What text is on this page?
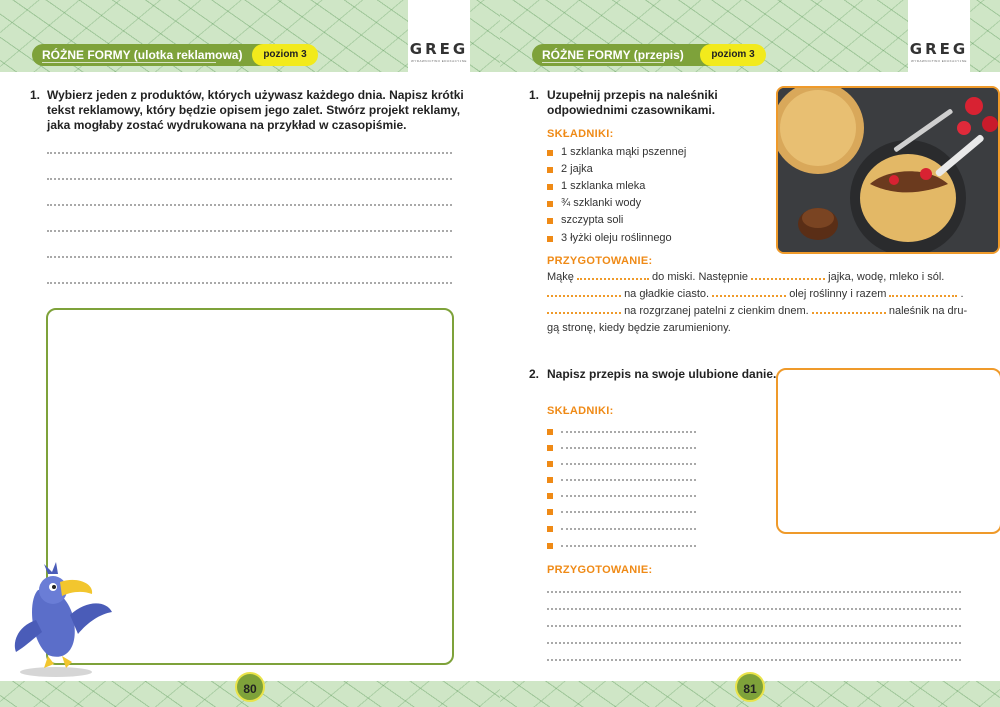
GREG
WYDAWNICTWO EDUKACYJNE
RÓŻNE FORMY (ulotka reklamowa)	poziom 3
1. Wybierz jeden z produktów, których używasz każdego dnia. Napisz krótki
tekst reklamowy, który będzie opisem jego zalet. Stwórz projekt reklamy,
jaka mogłaby zostać wydrukowana na przykład w czasopiśmie.
80
GREG
WYDAWNICTWO EDUKACYJNE
RÓŻNE FORMY (przepis)	poziom 3
1. Uzupełnij przepis na naleśniki
odpowiednimi czasownikami.
SKŁADNIKI:
1 szklanka mąki pszennej
2 jajka
1 szklanka mleka
¾ szklanki wody
szczypta soli
3 łyżki oleju roślinnego
PRZYGOTOWANIE:
Mąkę	do miski. Następnie	jajka, wodę, mleko i sól.
na gładkie ciasto.	olej roślinny i razem	.
na rozgrzanej patelni z cienkim dnem.	naleśnik na dru-
gą stronę, kiedy będzie zarumieniony.
2. Napisz przepis na swoje ulubione danie.
SKŁADNIKI:
PRZYGOTOWANIE:
81
